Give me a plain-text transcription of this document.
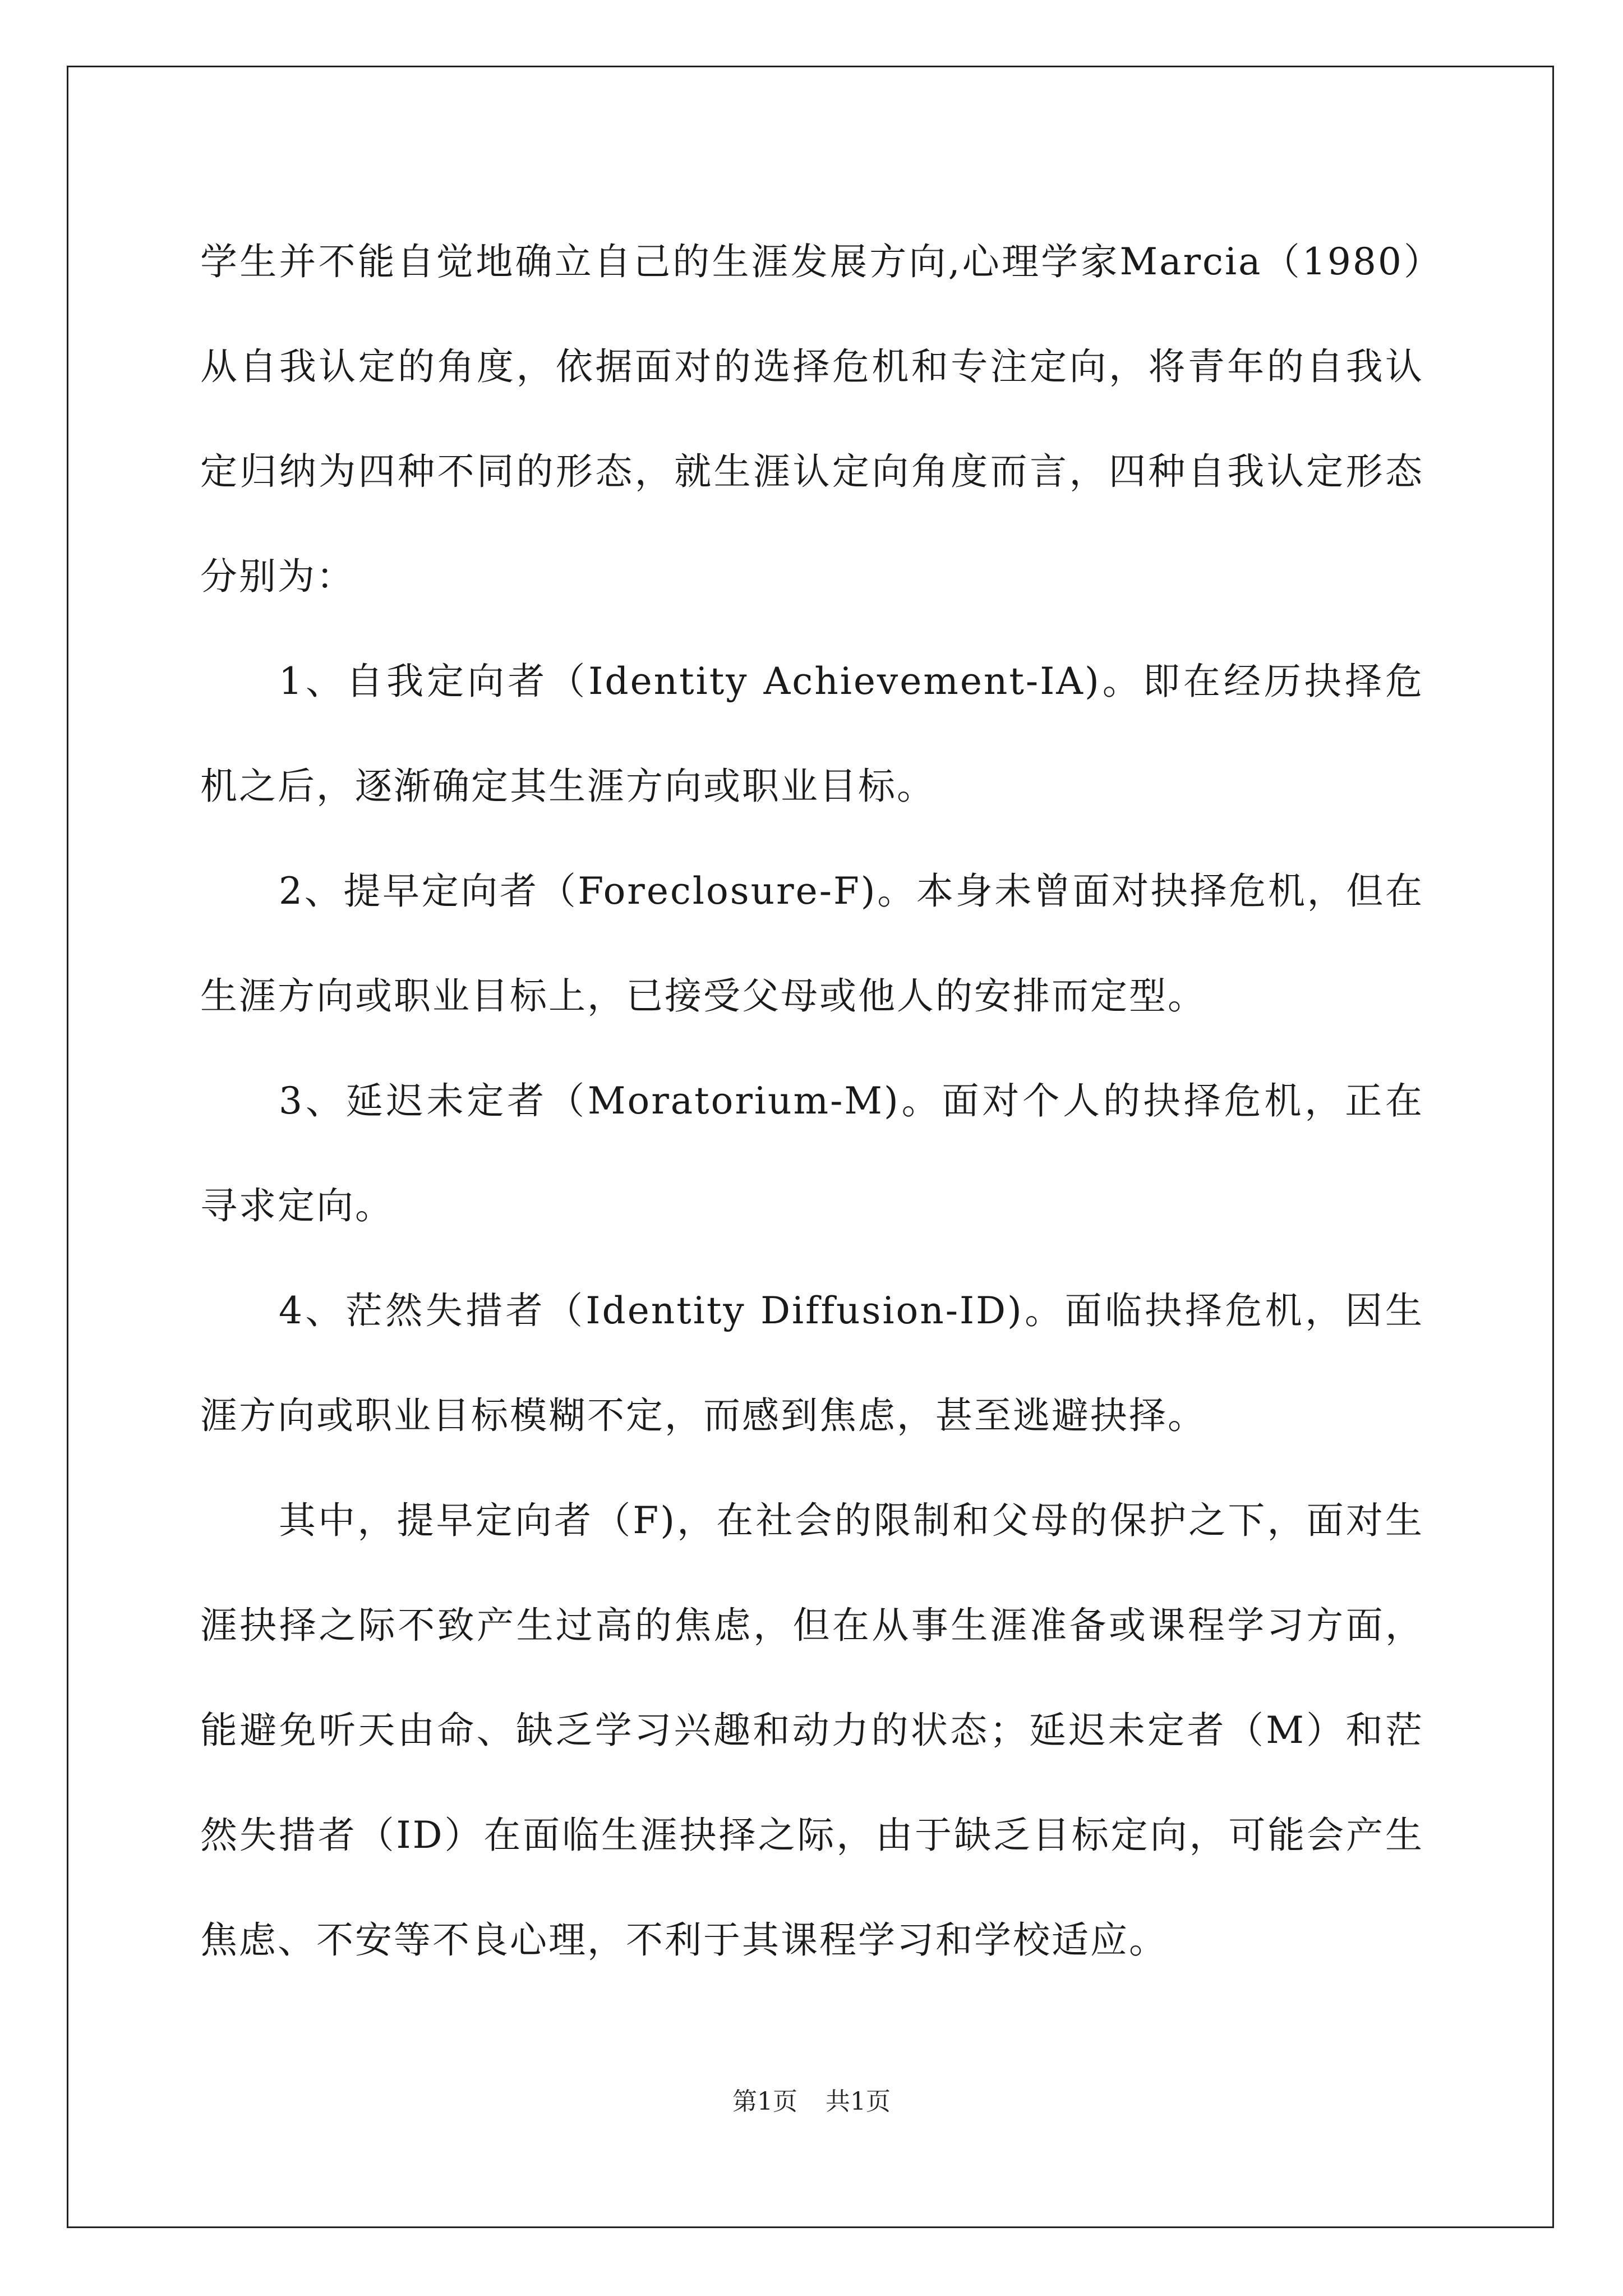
学生并不能自觉地确立自己的生涯发展方向,心理学家Marcia（1980）从自我认定的角度，依据面对的选择危机和专注定向，将青年的自我认定归纳为四种不同的形态，就生涯认定向角度而言，四种自我认定形态分别为：

1、自我定向者（Identity Achievement-IA)。即在经历抉择危机之后，逐渐确定其生涯方向或职业目标。

2、提早定向者（Foreclosure-F)。本身未曾面对抉择危机，但在生涯方向或职业目标上，已接受父母或他人的安排而定型。

3、延迟未定者（Moratorium-M)。面对个人的抉择危机，正在寻求定向。

4、茫然失措者（Identity Diffusion-ID)。面临抉择危机，因生涯方向或职业目标模糊不定，而感到焦虑，甚至逃避抉择。

其中，提早定向者（F)，在社会的限制和父母的保护之下，面对生涯抉择之际不致产生过高的焦虑，但在从事生涯准备或课程学习方面，能避免听天由命、缺乏学习兴趣和动力的状态；延迟未定者（M）和茫然失措者（ID）在面临生涯抉择之际，由于缺乏目标定向，可能会产生焦虑、不安等不良心理，不利于其课程学习和学校适应。

第1页 共1页
